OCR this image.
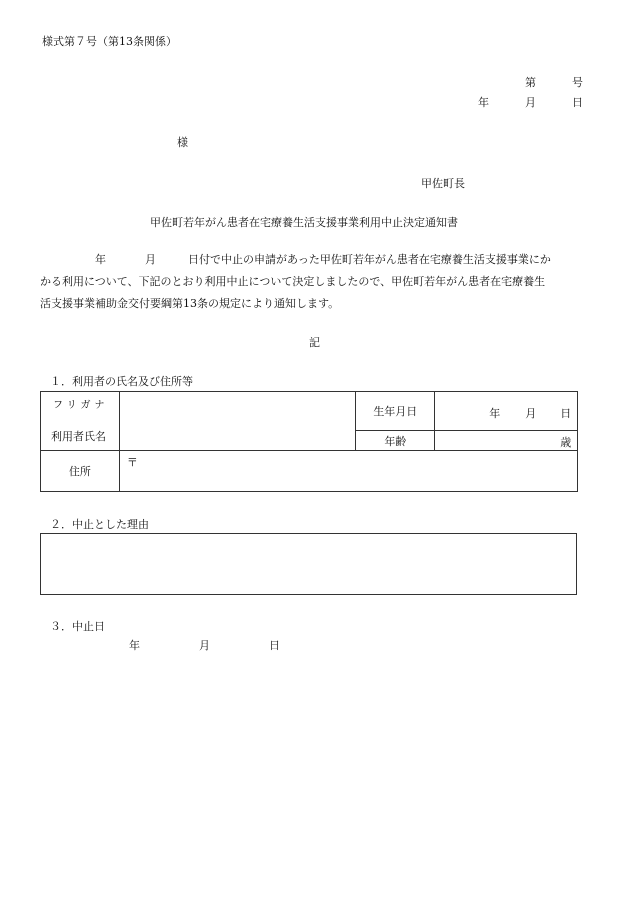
様式第７号（第13条関係）
第	号
年	月	日
様
甲佐町長
甲佐町若年がん患者在宅療養生活支援事業利用中止決定通知書
年	月	日付で中止の申請があった甲佐町若年がん患者在宅療養生活支援事業にか
かる利用について、下記のとおり利用中止について決定しましたので、甲佐町若年がん患者在宅療養生
活支援事業補助金交付要綱第13条の規定により通知します。
記
１．利用者の氏名及び住所等
フリガナ
利用者氏名		生年月日	年 月 日

		年齢	歳

住所	〒		
２．中止とした理由
３．中止日
年	月	日
